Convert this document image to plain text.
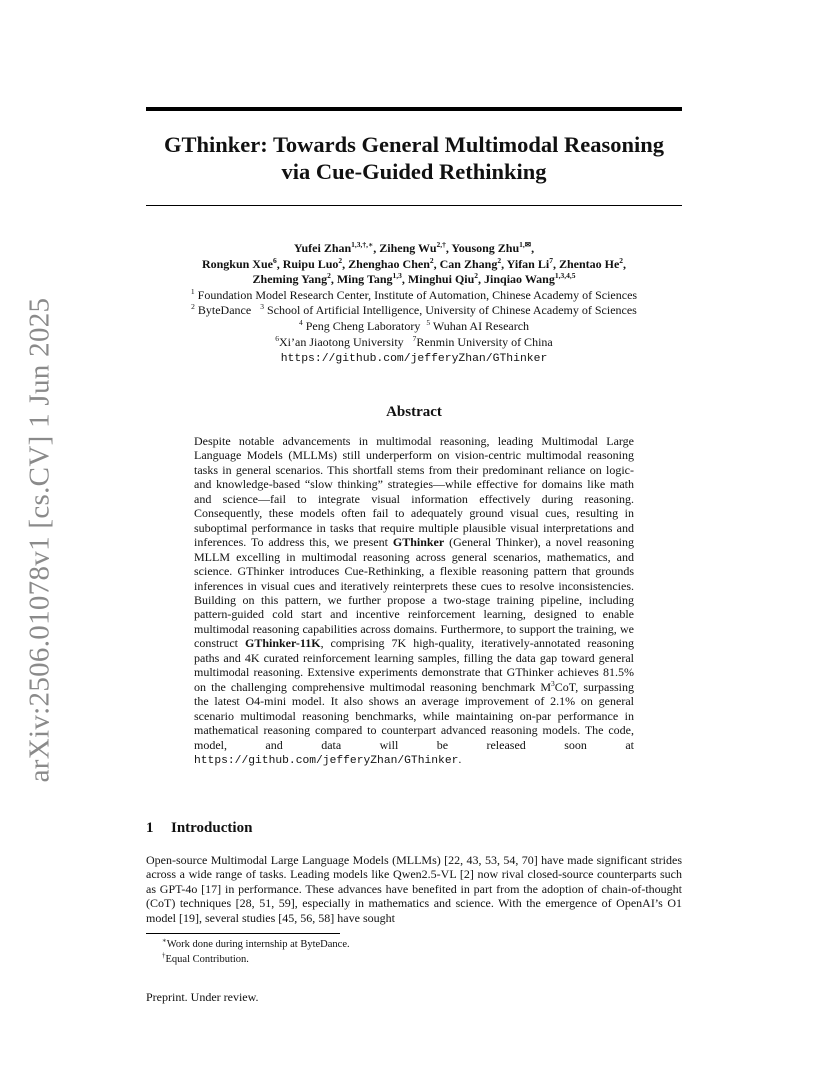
arXiv:2506.01078v1 [cs.CV] 1 Jun 2025
GThinker: Towards General Multimodal Reasoning
via Cue-Guided Rethinking
Yufei Zhan$^{1,3,\dagger,∗}$, Ziheng $Wu^{2,\dagger}$, Yousong Zhu$^{1,✉}$,
Rongkun Xue$^6$, Ruipu Luo$^2$, Zhenghao Chen$^2$, Can Zhang$^2$, Yifan Li$^7$, Zhentao He$^2$,
Zheming Yang$^2$, Ming Tang$^{1,3}$, Minghui Qiu$^2$, Jinqiao Wang$^{1,3,4,5}$
$^1$ Foundation Model Research Center, Institute of Automation, Chinese Academy of Sciences
$^2$ ByteDance $^3$ School of Artificial Intelligence, University of Chinese Academy of Sciences
$^4$ Peng Cheng Laboratory $^5$ Wuhan AI Research
$^6$Xi’an Jiaotong University $^7$Renmin University of China
https://github.com/jefferyZhan/GThinker
Abstract

Despite notable advancements in multimodal reasoning, leading Multimodal Large Language Models (MLLMs) still underperform on vision-centric multimodal reasoning tasks in general scenarios. This shortfall stems from their predominant reliance on logic- and knowledge-based “slow thinking” strategies—while effective for domains like math and science—fail to integrate visual information effectively during reasoning. Consequently, these models often fail to adequately ground visual cues, resulting in suboptimal performance in tasks that require multiple plausible visual interpretations and inferences. To address this, we present GThinker (General Thinker), a novel reasoning MLLM excelling in multimodal reasoning across general scenarios, mathematics, and science. GThinker introduces Cue-Rethinking, a flexible reasoning pattern that grounds inferences in visual cues and iteratively reinterprets these cues to resolve inconsistencies. Building on this pattern, we further propose a two-stage training pipeline, including pattern-guided cold start and incentive reinforcement learning, designed to enable multimodal reasoning capabilities across domains. Furthermore, to support the training, we construct GThinker-11K, comprising 7K high-quality, iteratively-annotated reasoning paths and 4K curated reinforcement learning samples, filling the data gap toward general multimodal reasoning. Extensive experiments demonstrate that GThinker achieves 81.5% on the challenging comprehensive multimodal reasoning benchmark $M^3CoT$, surpassing the latest O4-mini model. It also shows an average improvement of 2.1% on general scenario multimodal reasoning benchmarks, while maintaining on-par performance in mathematical reasoning compared to counterpart advanced reasoning models. The code, model, and data will be released soon at https://github.com/jefferyZhan/GThinker.

1 Introduction

Open-source Multimodal Large Language Models (MLLMs) [22, 43, 53, 54, 70] have made significant strides across a wide range of tasks. Leading models like Qwen2.5-VL [2] now rival closed-source counterparts such as GPT-4o [17] in performance. These advances have benefited in part from the adoption of chain-of-thought (CoT) techniques [28, 51, 59], especially in mathematics and science. With the emergence of OpenAI’s O1 model [19], several studies [45, 56, 58] have sought

∗Work done during internship at ByteDance.
†Equal Contribution.
Preprint. Under review.
